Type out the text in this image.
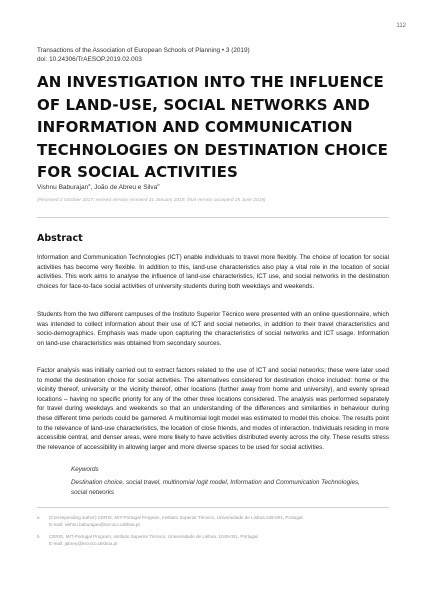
112
Transactions of the Association of European Schools of Planning • 3 (2019)
doi: 10.24306/TrAESOP.2019.02.003
AN INVESTIGATION INTO THE INFLUENCE OF LAND-USE, SOCIAL NETWORKS AND INFORMATION AND COMMUNICATION TECHNOLOGIES ON DESTINATION CHOICE FOR SOCIAL ACTIVITIES
Vishnu Baburajan$^a$, João de Abreu e Silva$^b$
(Received 2 October 2017; revised version received 31 January 2019; final version accepted 25 June 2019)
Abstract

Information and Communication Technologies (ICT) enable individuals to travel more flexibly. The choice of location for social activities has become very flexible. In addition to this, land-use characteristics also play a vital role in the location of social activities. This work aims to analyse the influence of land-use characteristics, ICT use, and social networks in the destination choices for face-to-face social activities of university students during both weekdays and weekends.

Students from the two different campuses of the Instituto Superior Técnico were presented with an online questionnaire, which was intended to collect information about their use of ICT and social networks, in addition to their travel characteristics and socio-demographics. Emphasis was made upon capturing the characteristics of social networks and ICT usage. Information on land-use characteristics was obtained from secondary sources.

Factor analysis was initially carried out to extract factors related to the use of ICT and social networks; these were later used to model the destination choice for social activities. The alternatives considered for destination choice included: home or the vicinity thereof, university or the vicinity thereof, other locations (further away from home and university), and evenly spread locations – having no specific priority for any of the other three locations considered. The analysis was performed separately for travel during weekdays and weekends so that an understanding of the differences and similarities in behaviour during these different time periods could be garnered. A multinomial logit model was estimated to model this choice. The results point to the relevance of land-use characteristics, the location of close friends, and modes of interaction. Individuals residing in more accessible central, and denser areas, were more likely to have activities distributed evenly across the city. These results stress the relevance of accessibility in allowing larger and more diverse spaces to be used for social activities.

Keywords
Destination choice, social travel, multinomial logit model, Information and Communication Technologies, social networks
a (Corresponding author) CERIS, MIT-Portugal Program, Instituto Superior Técnico, Universidade de Lisboa,049-001, Portugal.
E-mail: vishnu.baburajan@tecnico.ulisboa.pt
b CERIS, MIT-Portugal Program, Instituto Superior Técnico, Universidade de Lisboa, 1049-001, Portugal.
E-mail: jabreu@tecnico.ulisboa.pt
